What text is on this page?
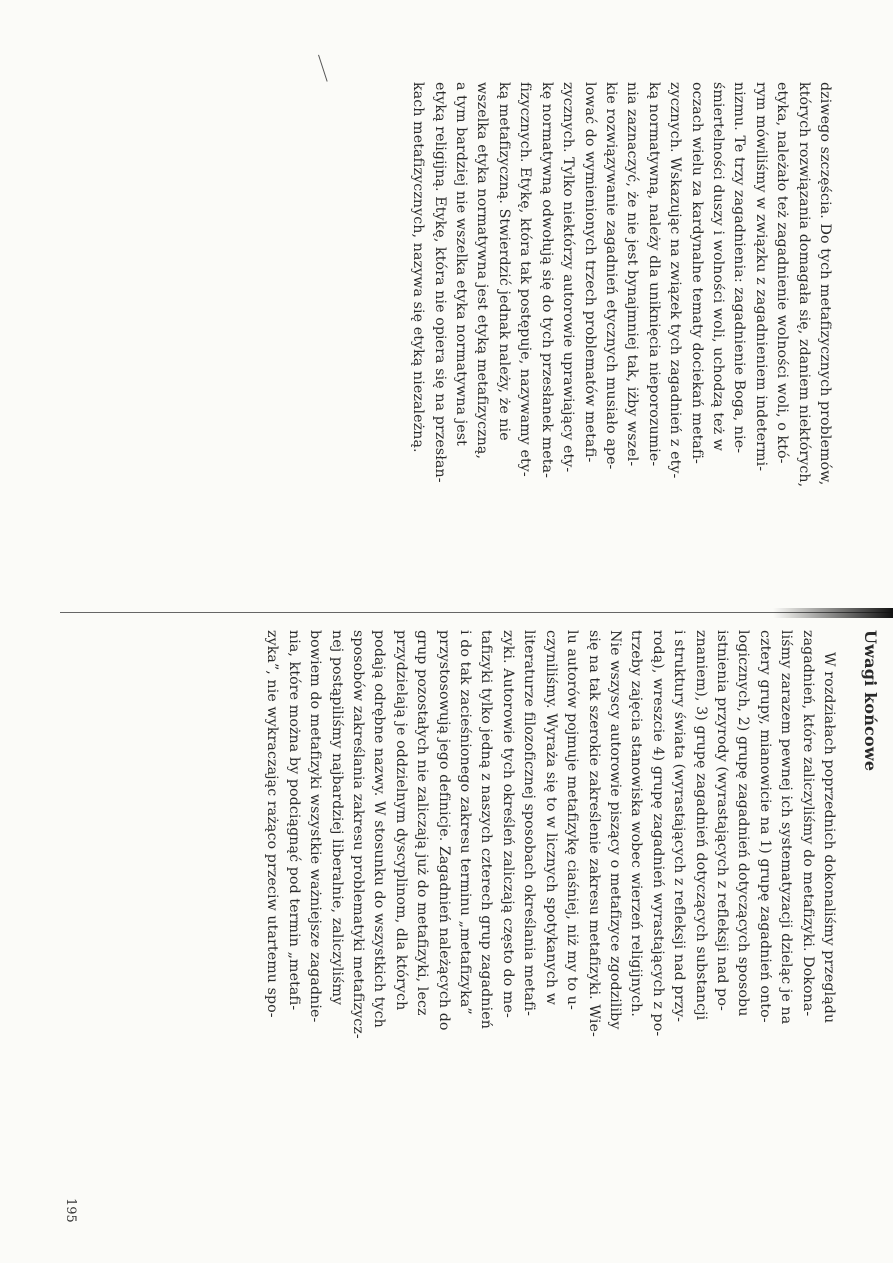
dziwego szczęścia. Do tych metafizycznych problemów,

których rozwiązania domagała się, zdaniem niektórych,

etyka, należało też zagadnienie wolności woli, o któ-

rym mówiliśmy w związku z zagadnieniem indetermi-

nizmu. Te trzy zagadnienia: zagadnienie Boga, nie-

śmiertelności duszy i wolności woli, uchodzą też w

oczach wielu za kardynalne tematy dociekań metafi-

zycznych. Wskazując na związek tych zagadnień z ety-

ką normatywną, należy dla uniknięcia nieporozumie-

nia zaznaczyć, że nie jest bynajmniej tak, iżby wszel-

kie rozwiązywanie zagadnień etycznych musiało ape-

lować do wymienionych trzech problematów metafi-

zycznych. Tylko niektórzy autorowie uprawiający ety-

kę normatywną odwołują się do tych przesłanek meta-

fizycznych. Etykę, która tak postępuje, nazywamy ety-

ką metafizyczną. Stwierdzić jednak należy, że nie

wszelka etyka normatywna jest etyką metafizyczną,

a tym bardziej nie wszelka etyka normatywna jest

etyką religijną. Etykę, która nie opiera się na przesłan-

kach metafizycznych, nazywa się etyką niezależną.

Uwagi końcowe

W rozdziałach poprzednich dokonaliśmy przeglądu

zagadnień, które zaliczyliśmy do metafizyki. Dokona-

liśmy zarazem pewnej ich systematyzacji dzieląc je na

cztery grupy, mianowicie na 1) grupę zagadnień onto-

logicznych, 2) grupę zagadnień dotyczących sposobu

istnienia przyrody (wyrastających z refleksji nad po-

znaniem), 3) grupę zagadnień dotyczących substancji

i struktury świata (wyrastających z refleksji nad przy-

rodą), wreszcie 4) grupę zagadnień wyrastających z po-

trzeby zajęcia stanowiska wobec wierzeń religijnych.

Nie wszyscy autorowie piszący o metafizyce zgodziliby

się na tak szerokie zakreślenie zakresu metafizyki. Wie-

lu autorów pojmuje metafizykę ciaśniej, niż my to u-

czyniliśmy. Wyraża się to w licznych spotykanych w

literaturze filozoficznej sposobach określania metafi-

zyki. Autorowie tych określeń zaliczają często do me-

tafizyki tylko jedną z naszych czterech grup zagadnień

i do tak zacieśnionego zakresu terminu „metafizyka”

przystosowują jego definicje. Zagadnień należących do

grup pozostałych nie zaliczają już do metafizyki, lecz

przydzielają je oddzielnym dyscyplinom, dla których

podają odrębne nazwy. W stosunku do wszystkich tych

sposobów zakreślania zakresu problematyki metafizycz-

nej postąpiliśmy najbardziej liberalnie, zaliczyliśmy

bowiem do metafizyki wszystkie ważniejsze zagadnie-

nia, które można by podciągnąć pod termin „metafi-

zyka”, nie wykraczając rażąco przeciw utartemu spo-

195
